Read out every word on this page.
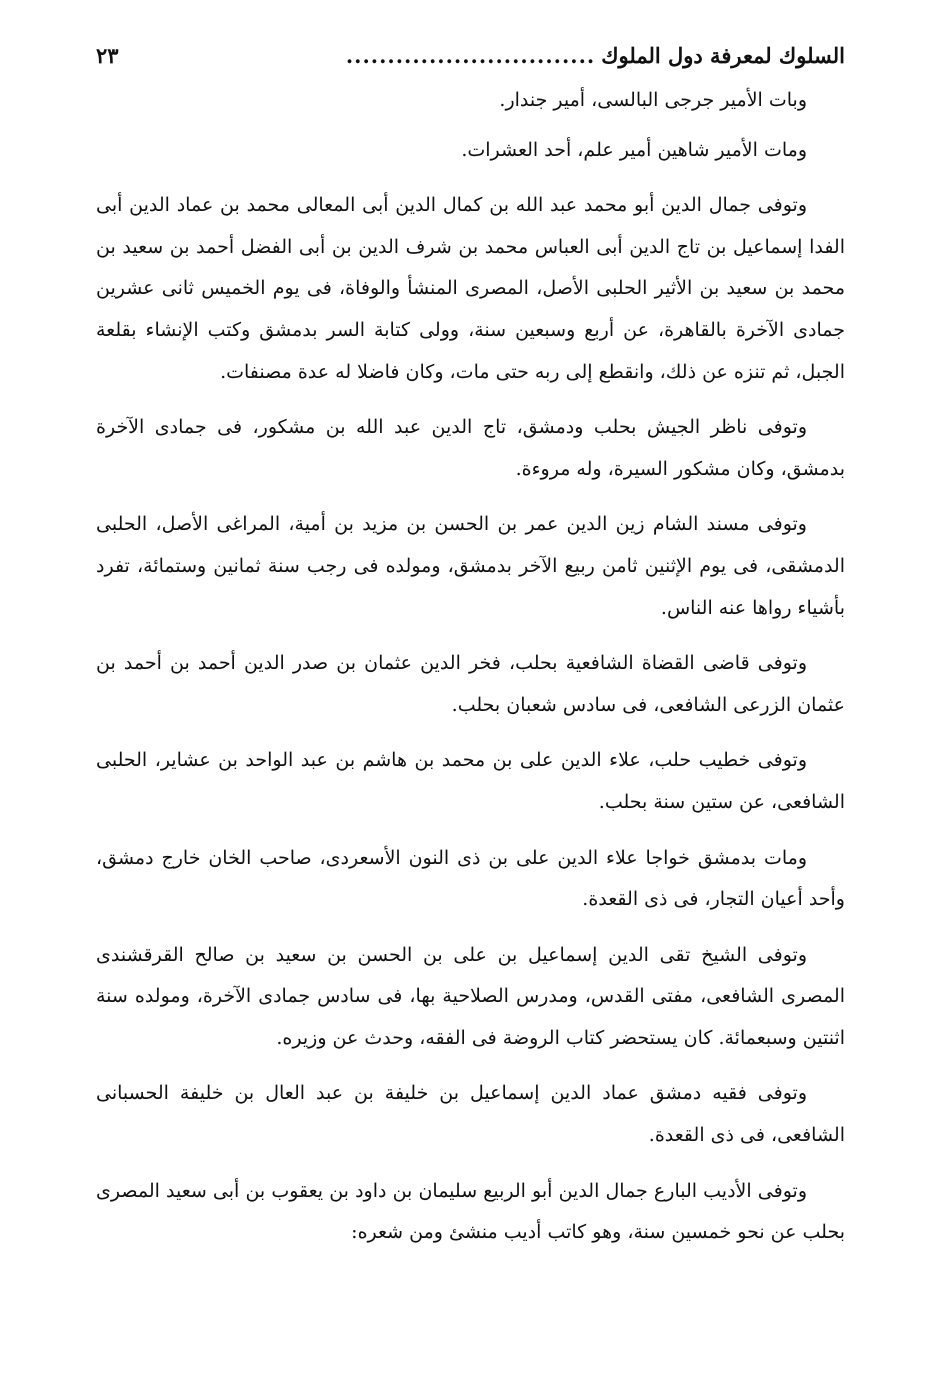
السلوك لمعرفة دول الملوك
..............................
٢٣

وبات الأمير جرجى البالسى، أمير جندار.

ومات الأمير شاهين أمير علم، أحد العشرات.

وتوفى جمال الدين أبو محمد عبد الله بن كمال الدين أبى المعالى محمد بن عماد الدين أبى الفدا إسماعيل بن تاج الدين أبى العباس محمد بن شرف الدين بن أبى الفضل أحمد بن سعيد بن محمد بن سعيد بن الأثير الحلبى الأصل، المصرى المنشأ والوفاة، فى يوم الخميس ثانى عشرين جمادى الآخرة بالقاهرة، عن أربع وسبعين سنة، وولى كتابة السر بدمشق وكتب الإنشاء بقلعة الجبل، ثم تنزه عن ذلك، وانقطع إلى ربه حتى مات، وكان فاضلا له عدة مصنفات.

وتوفى ناظر الجيش بحلب ودمشق، تاج الدين عبد الله بن مشكور، فى جمادى الآخرة بدمشق، وكان مشكور السيرة، وله مروءة.

وتوفى مسند الشام زين الدين عمر بن الحسن بن مزيد بن أمية، المراغى الأصل، الحلبى الدمشقى، فى يوم الإثنين ثامن ربيع الآخر بدمشق، ومولده فى رجب سنة ثمانين وستمائة، تفرد بأشياء رواها عنه الناس.

وتوفى قاضى القضاة الشافعية بحلب، فخر الدين عثمان بن صدر الدين أحمد بن أحمد بن عثمان الزرعى الشافعى، فى سادس شعبان بحلب.

وتوفى خطيب حلب، علاء الدين على بن محمد بن هاشم بن عبد الواحد بن عشاير، الحلبى الشافعى، عن ستين سنة بحلب.

ومات بدمشق خواجا علاء الدين على بن ذى النون الأسعردى، صاحب الخان خارج دمشق، وأحد أعيان التجار، فى ذى القعدة.

وتوفى الشيخ تقى الدين إسماعيل بن على بن الحسن بن سعيد بن صالح القرقشندى المصرى الشافعى، مفتى القدس، ومدرس الصلاحية بها، فى سادس جمادى الآخرة، ومولده سنة اثنتين وسبعمائة. كان يستحضر كتاب الروضة فى الفقه، وحدث عن وزيره.

وتوفى فقيه دمشق عماد الدين إسماعيل بن خليفة بن عبد العال بن خليفة الحسبانى الشافعى، فى ذى القعدة.

وتوفى الأديب البارع جمال الدين أبو الربيع سليمان بن داود بن يعقوب بن أبى سعيد المصرى بحلب عن نحو خمسين سنة، وهو كاتب أديب منشئ ومن شعره:
